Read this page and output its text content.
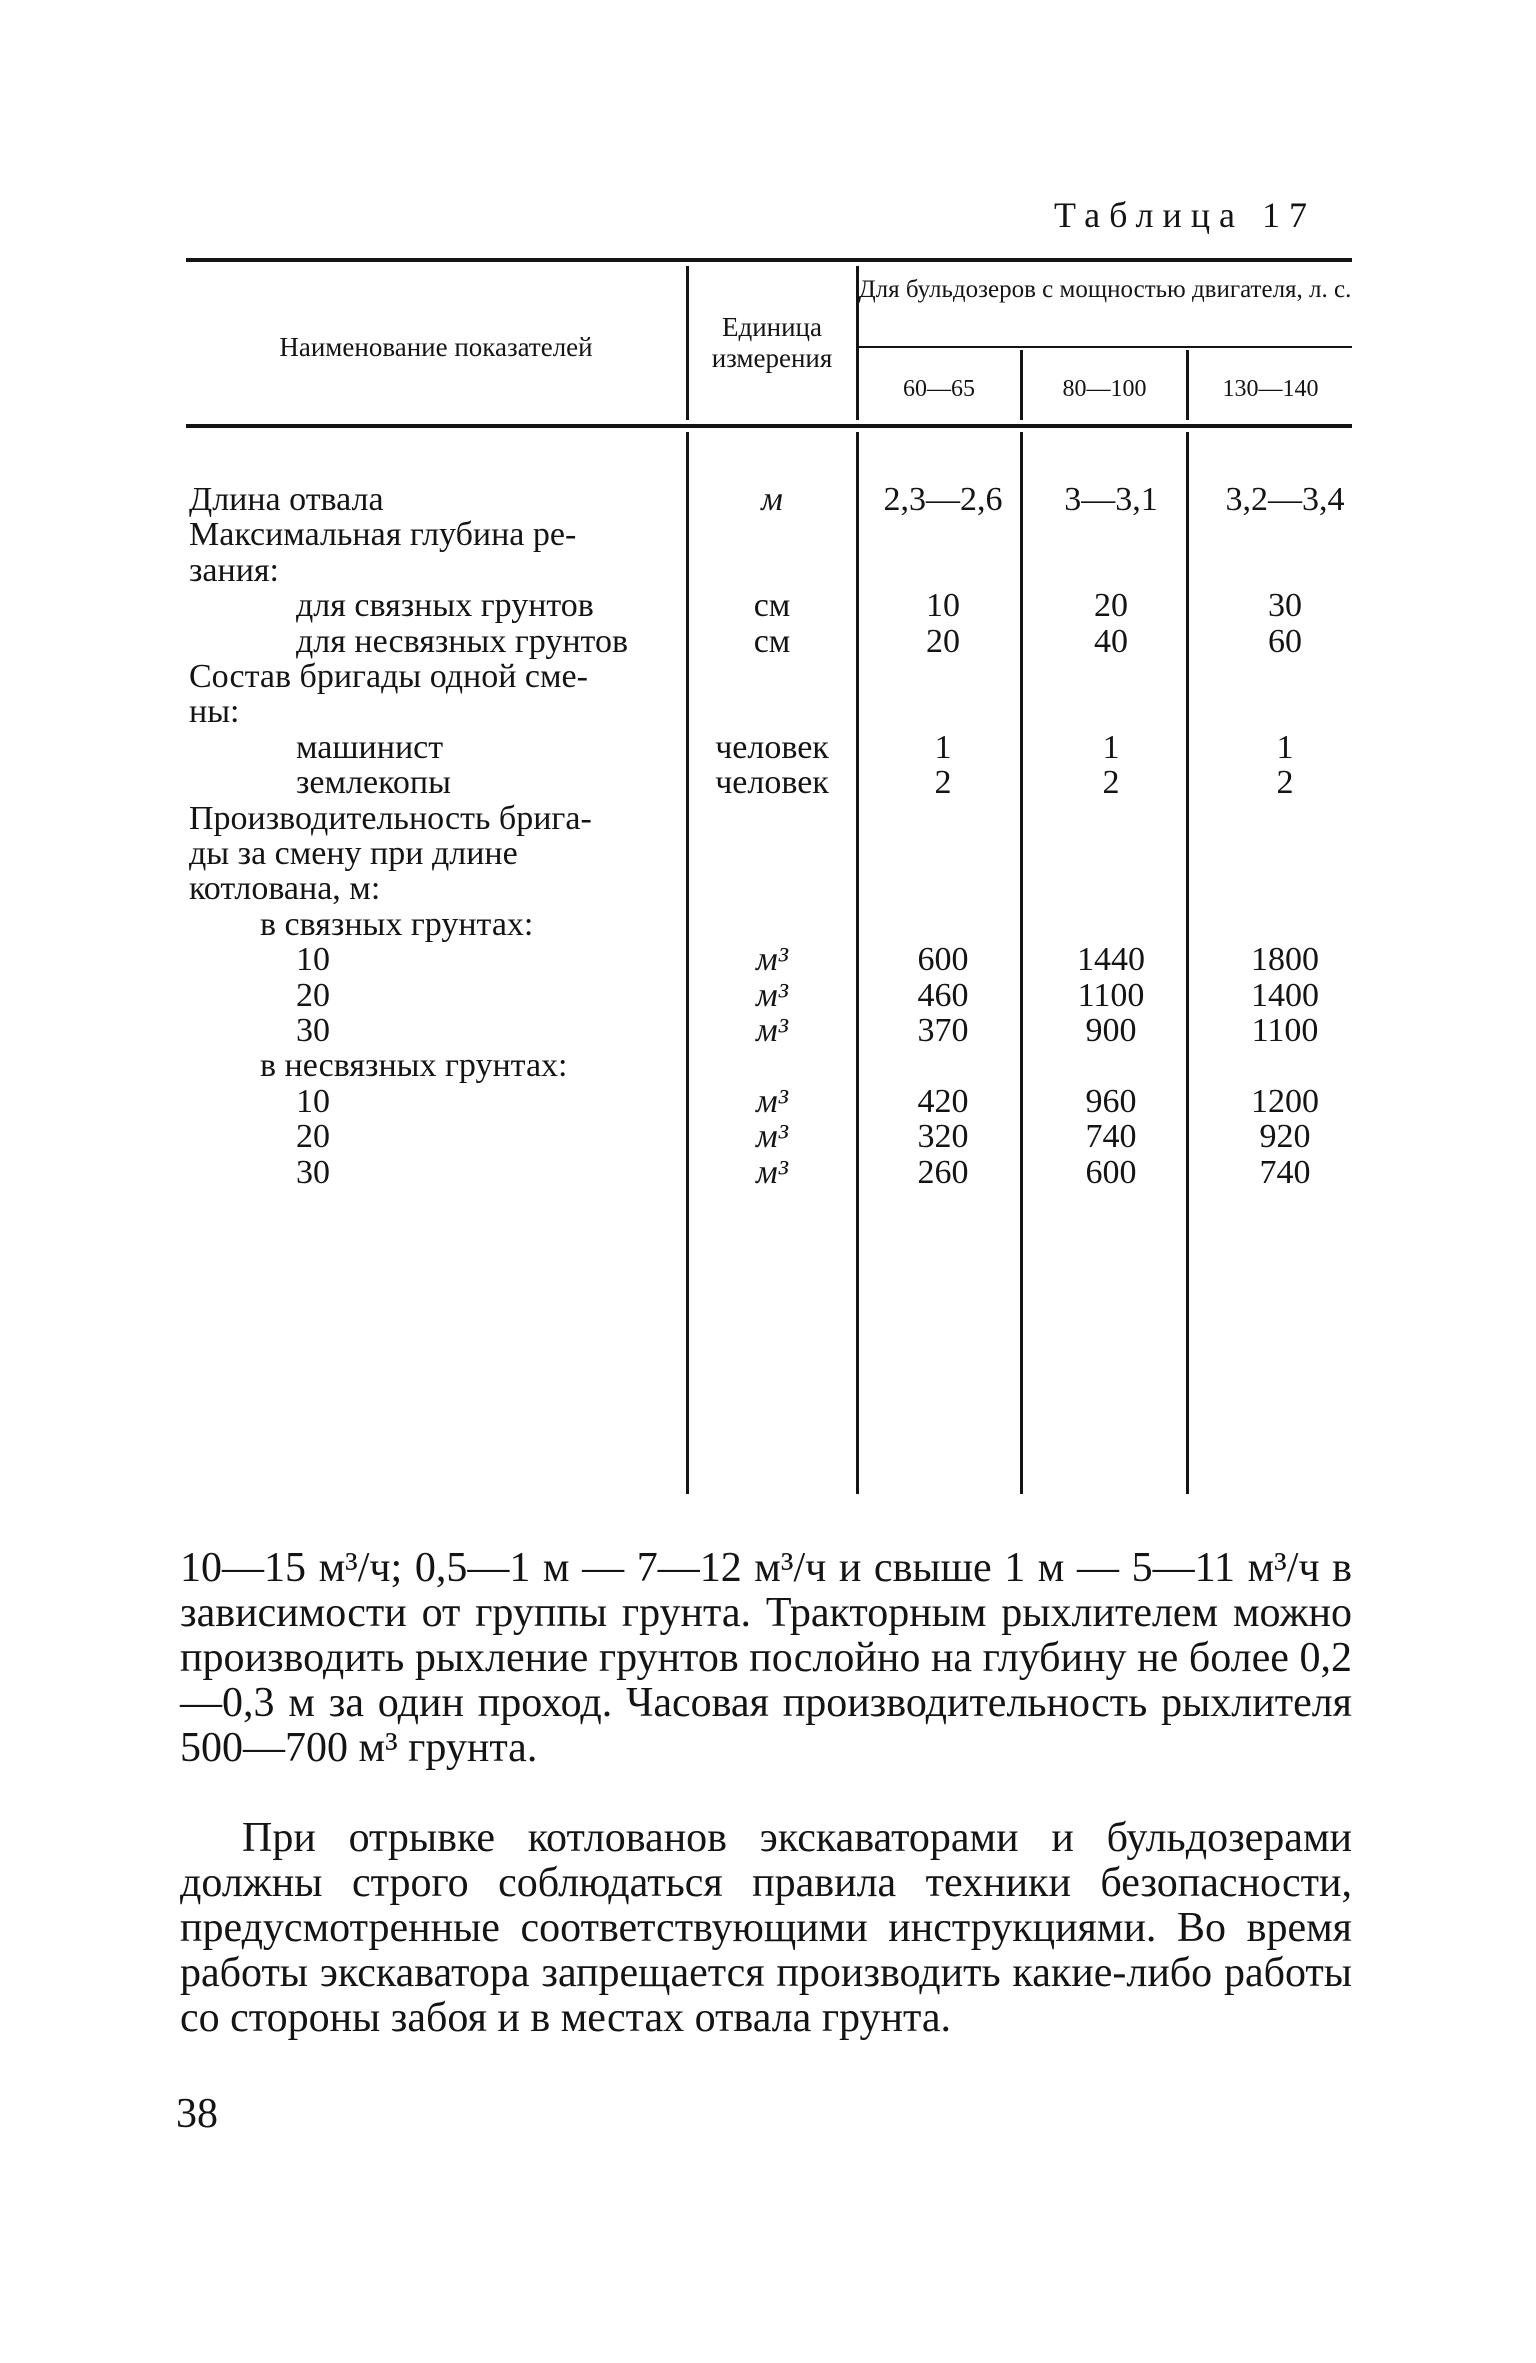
Таблица 17
Наименование показателей
Единица измерения
Для бульдозеров с мощностью двигателя, л. с.
60—65	80—100	130—140
Длина отвала	м	2,3—2,6	3—3,1	3,2—3,4
Максимальная глубина ре-
зания:
для связных грунтов	см	10	20	30
для несвязных грунтов	см	20	40	60
Состав бригады одной сме-
ны:
машинист	человек	1	1	1
землекопы	человек	2	2	2
Производительность брига-
ды за смену при длине
котлована, м:
в связных грунтах:
10	м³	600	1440	1800
20	м³	460	1100	1400
30	м³	370	900	1100
в несвязных грунтах:
10	м³	420	960	1200
20	м³	320	740	920
30	м³	260	600	740
10—15 м³/ч; 0,5—1 м — 7—12 м³/ч и свыше 1 м — 5—11 м³/ч в зависимости от группы грунта. Тракторным рыхлителем можно производить рыхление грунтов послойно на глубину не более 0,2—0,3 м за один проход. Часовая производительность рыхлителя 500—700 м³ грунта.
При отрывке котлованов экскаваторами и бульдозерами должны строго соблюдаться правила техники безопасности, предусмотренные соответствующими инструкциями. Во время работы экскаватора запрещается производить какие-либо работы со стороны забоя и в местах отвала грунта.
38
